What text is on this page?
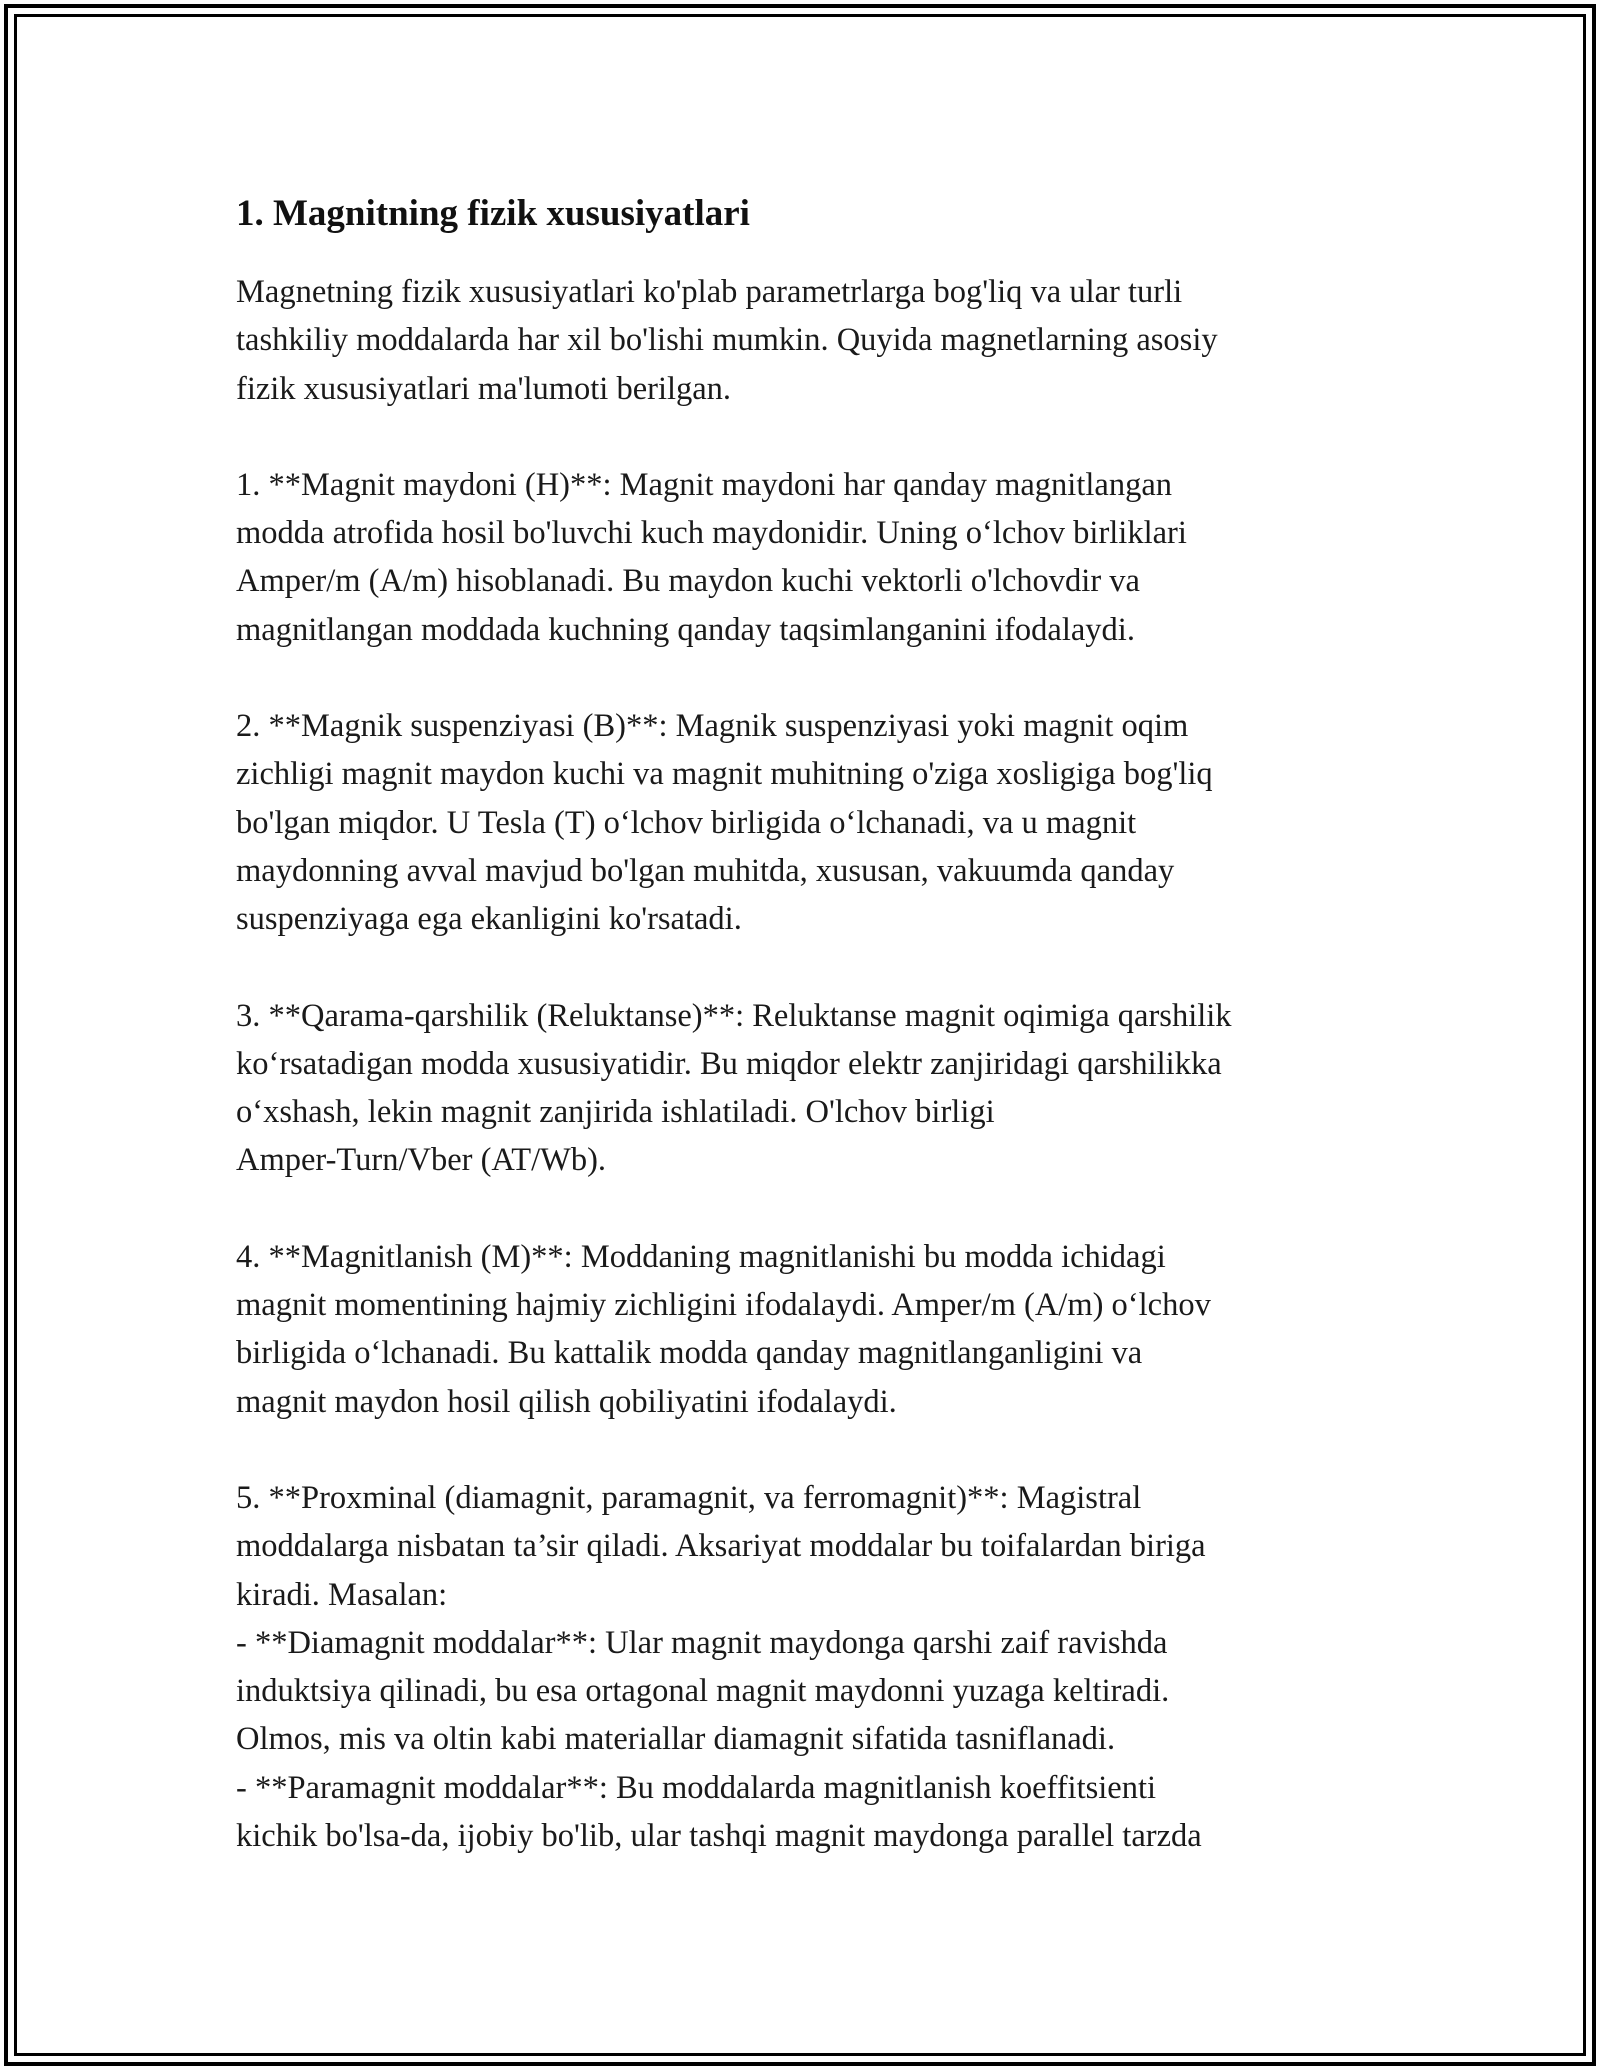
1. Magnitning fizik xususiyatlari
Magnetning fizik xususiyatlari ko'plab parametrlarga bog'liq va ular turli
tashkiliy moddalarda har xil bo'lishi mumkin. Quyida magnetlarning asosiy
fizik xususiyatlari ma'lumoti berilgan.
1. **Magnit maydoni (H)**: Magnit maydoni har qanday magnitlangan
modda atrofida hosil bo'luvchi kuch maydonidir. Uning o‘lchov birliklari
Amper/m (A/m) hisoblanadi. Bu maydon kuchi vektorli o'lchovdir va
magnitlangan moddada kuchning qanday taqsimlanganini ifodalaydi.
2. **Magnik suspenziyasi (B)**: Magnik suspenziyasi yoki magnit oqim
zichligi magnit maydon kuchi va magnit muhitning o'ziga xosligiga bog'liq
bo'lgan miqdor. U Tesla (T) o‘lchov birligida o‘lchanadi, va u magnit
maydonning avval mavjud bo'lgan muhitda, xususan, vakuumda qanday
suspenziyaga ega ekanligini ko'rsatadi.
3. **Qarama-qarshilik (Reluktanse)**: Reluktanse magnit oqimiga qarshilik
ko‘rsatadigan modda xususiyatidir. Bu miqdor elektr zanjiridagi qarshilikka
o‘xshash, lekin magnit zanjirida ishlatiladi. O'lchov birligi
Amper-Turn/Vber (AT/Wb).
4. **Magnitlanish (M)**: Moddaning magnitlanishi bu modda ichidagi
magnit momentining hajmiy zichligini ifodalaydi. Amper/m (A/m) o‘lchov
birligida o‘lchanadi. Bu kattalik modda qanday magnitlanganligini va
magnit maydon hosil qilish qobiliyatini ifodalaydi.
5. **Proxminal (diamagnit, paramagnit, va ferromagnit)**: Magistral
moddalarga nisbatan ta’sir qiladi. Aksariyat moddalar bu toifalardan biriga
kiradi. Masalan:
- **Diamagnit moddalar**: Ular magnit maydonga qarshi zaif ravishda
induktsiya qilinadi, bu esa ortagonal magnit maydonni yuzaga keltiradi.
Olmos, mis va oltin kabi materiallar diamagnit sifatida tasniflanadi.
- **Paramagnit moddalar**: Bu moddalarda magnitlanish koeffitsienti
kichik bo'lsa-da, ijobiy bo'lib, ular tashqi magnit maydonga parallel tarzda
